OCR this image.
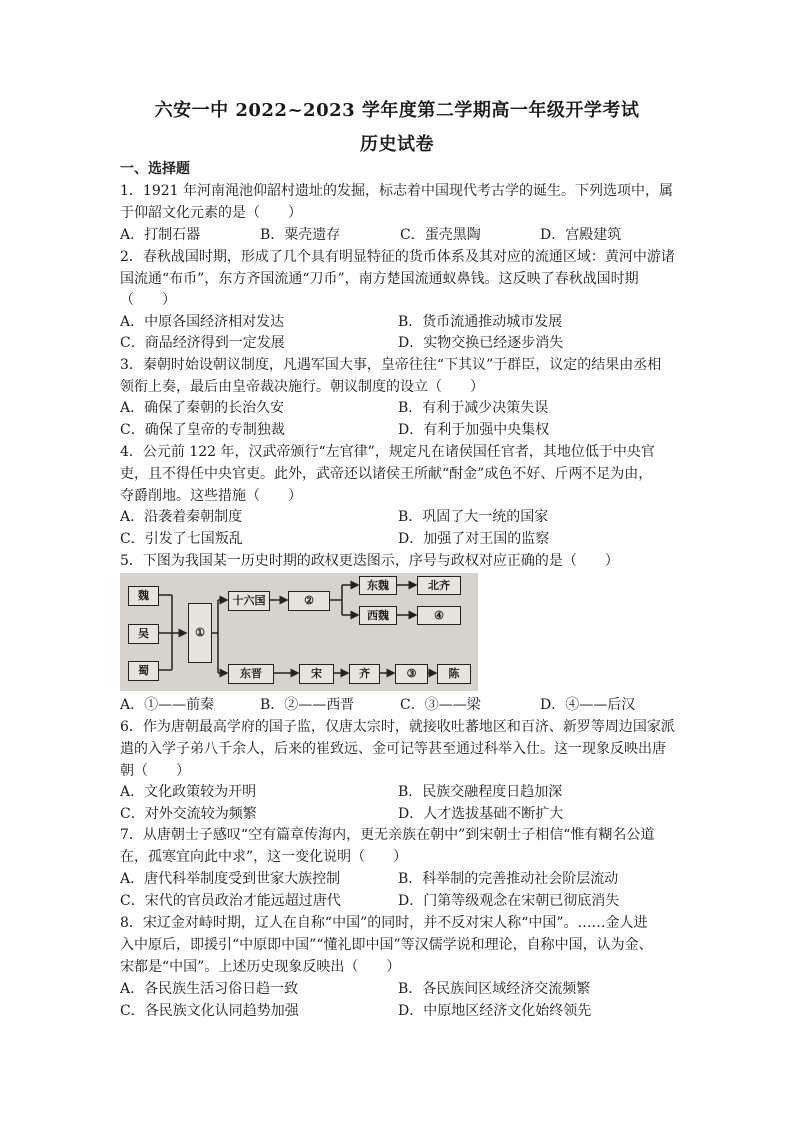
六安一中 2022~2023 学年度第二学期高一年级开学考试
历史试卷
一、选择题
1．1921 年河南渑池仰韶村遗址的发掘，标志着中国现代考古学的诞生。下列选项中，属
于仰韶文化元素的是（　　）
A．打制石器	B．粟壳遗存	C．蛋壳黑陶	D．宫殿建筑
2．春秋战国时期，形成了几个具有明显特征的货币体系及其对应的流通区域：黄河中游诸
国流通“布币”，东方齐国流通“刀币”，南方楚国流通蚁鼻钱。这反映了春秋战国时期
（　　）
A．中原各国经济相对发达	B．货币流通推动城市发展
C．商品经济得到一定发展	D．实物交换已经逐步消失
3．秦朝时始设朝议制度，凡遇军国大事，皇帝往往“下其议”于群臣，议定的结果由丞相
领衔上奏，最后由皇帝裁决施行。朝议制度的设立（　　）
A．确保了秦朝的长治久安	B．有利于减少决策失误
C．确保了皇帝的专制独裁	D．有利于加强中央集权
4．公元前 122 年，汉武帝颁行“左官律”，规定凡在诸侯国任官者，其地位低于中央官
吏，且不得任中央官吏。此外，武帝还以诸侯王所献“酎金”成色不好、斤两不足为由，
夺爵削地。这些措施（　　）
A．沿袭着秦朝制度	B．巩固了大一统的国家
C．引发了七国叛乱	D．加强了对王国的监察
5．下图为我国某一历史时期的政权更迭图示，序号与政权对应正确的是（　　）
魏
吴
蜀
①
十六国	②
东魏	北齐
西魏	④
东晋	宋	齐	③	陈
A．①——前秦	B．②——西晋	C．③——梁	D．④——后汉
6．作为唐朝最高学府的国子监，仅唐太宗时，就接收吐蕃地区和百济、新罗等周边国家派
遣的入学子弟八千余人，后来的崔致远、金可记等甚至通过科举入仕。这一现象反映出唐
朝（　　）
A．文化政策较为开明	B．民族交融程度日趋加深
C．对外交流较为频繁	D．人才选拔基础不断扩大
7．从唐朝士子感叹“空有篇章传海内，更无亲族在朝中”到宋朝士子相信“惟有糊名公道
在，孤寒宜向此中求”，这一变化说明（　　）
A．唐代科举制度受到世家大族控制	B．科举制的完善推动社会阶层流动
C．宋代的官员政治才能远超过唐代	D．门第等级观念在宋朝已彻底消失
8．宋辽金对峙时期，辽人在自称“中国”的同时，并不反对宋人称“中国”。……金人进
入中原后，即援引“中原即中国”“懂礼即中国”等汉儒学说和理论，自称中国，认为金、
宋都是“中国”。上述历史现象反映出（　　）
A．各民族生活习俗日趋一致	B．各民族间区域经济交流频繁
C．各民族文化认同趋势加强	D．中原地区经济文化始终领先
